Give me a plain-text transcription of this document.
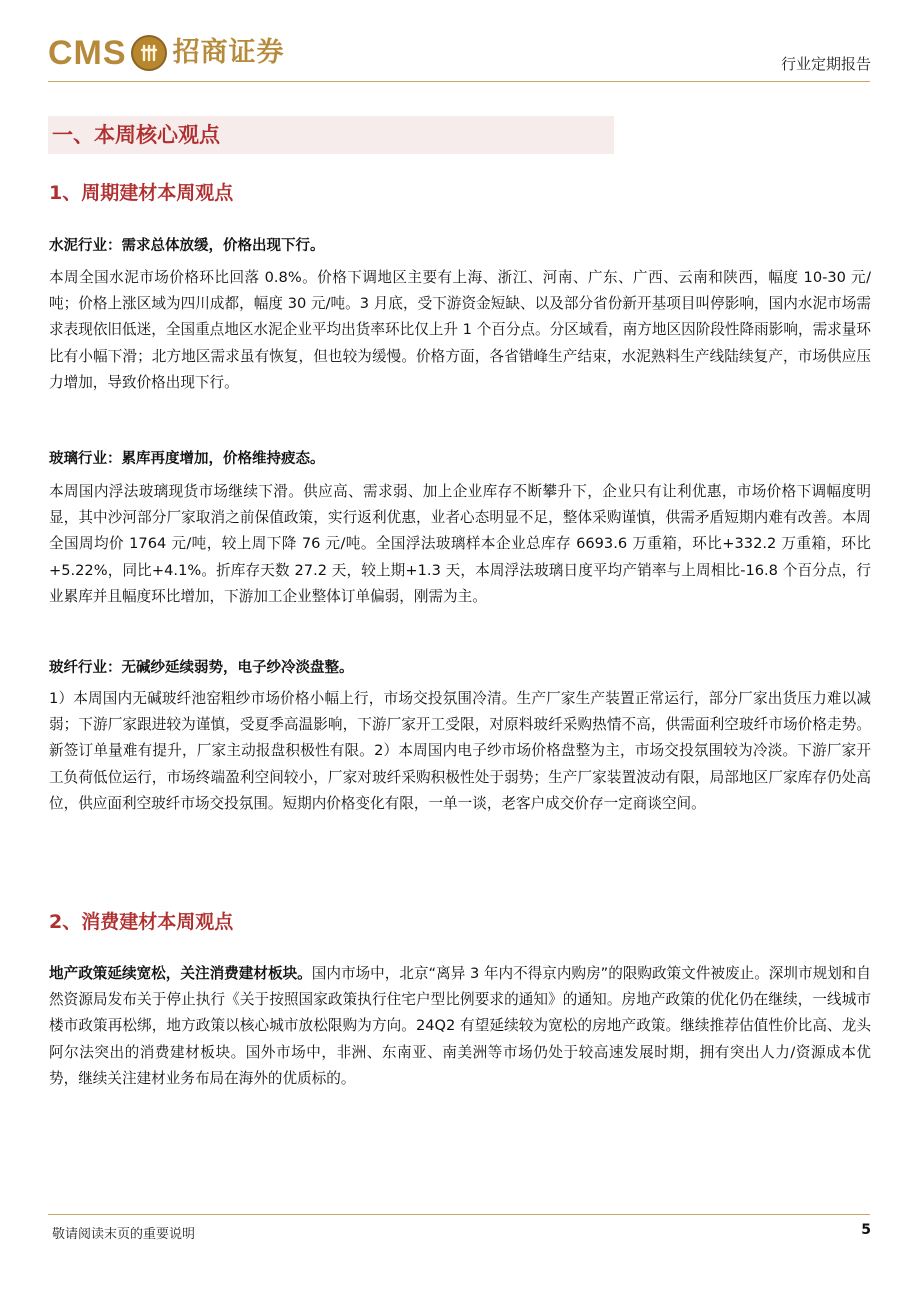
CMS 招商证券	行业定期报告
一、本周核心观点
1、周期建材本周观点
水泥行业：需求总体放缓，价格出现下行。

本周全国水泥市场价格环比回落 0.8%。价格下调地区主要有上海、浙江、河南、广东、广西、云南和陕西，幅度 10-30 元/吨；价格上涨区域为四川成都，幅度 30 元/吨。3 月底，受下游资金短缺、以及部分省份新开基项目叫停影响，国内水泥市场需求表现依旧低迷，全国重点地区水泥企业平均出货率环比仅上升 1 个百分点。分区域看，南方地区因阶段性降雨影响，需求量环比有小幅下滑；北方地区需求虽有恢复，但也较为缓慢。价格方面，各省错峰生产结束，水泥熟料生产线陆续复产，市场供应压力增加，导致价格出现下行。

玻璃行业：累库再度增加，价格维持疲态。

本周国内浮法玻璃现货市场继续下滑。供应高、需求弱、加上企业库存不断攀升下，企业只有让利优惠，市场价格下调幅度明显，其中沙河部分厂家取消之前保值政策，实行返利优惠，业者心态明显不足，整体采购谨慎，供需矛盾短期内难有改善。本周全国周均价 1764 元/吨，较上周下降 76 元/吨。全国浮法玻璃样本企业总库存 6693.6 万重箱，环比+332.2 万重箱，环比+5.22%，同比+4.1%。折库存天数 27.2 天，较上期+1.3 天，本周浮法玻璃日度平均产销率与上周相比-16.8 个百分点，行业累库并且幅度环比增加，下游加工企业整体订单偏弱，刚需为主。

玻纤行业：无碱纱延续弱势，电子纱冷淡盘整。

1）本周国内无碱玻纤池窑粗纱市场价格小幅上行，市场交投氛围冷清。生产厂家生产装置正常运行，部分厂家出货压力难以减弱；下游厂家跟进较为谨慎，受夏季高温影响，下游厂家开工受限，对原料玻纤采购热情不高，供需面利空玻纤市场价格走势。新签订单量难有提升，厂家主动报盘积极性有限。2）本周国内电子纱市场价格盘整为主，市场交投氛围较为冷淡。下游厂家开工负荷低位运行，市场终端盈利空间较小，厂家对玻纤采购积极性处于弱势；生产厂家装置波动有限，局部地区厂家库存仍处高位，供应面利空玻纤市场交投氛围。短期内价格变化有限，一单一谈，老客户成交价存一定商谈空间。

2、消费建材本周观点

地产政策延续宽松，关注消费建材板块。国内市场中，北京“离异 3 年内不得京内购房”的限购政策文件被废止。深圳市规划和自然资源局发布关于停止执行《关于按照国家政策执行住宅户型比例要求的通知》的通知。房地产政策的优化仍在继续，一线城市楼市政策再松绑，地方政策以核心城市放松限购为方向。24Q2 有望延续较为宽松的房地产政策。继续推荐估值性价比高、龙头阿尔法突出的消费建材板块。国外市场中，非洲、东南亚、南美洲等市场仍处于较高速发展时期，拥有突出人力/资源成本优势，继续关注建材业务布局在海外的优质标的。

敬请阅读末页的重要说明	5
